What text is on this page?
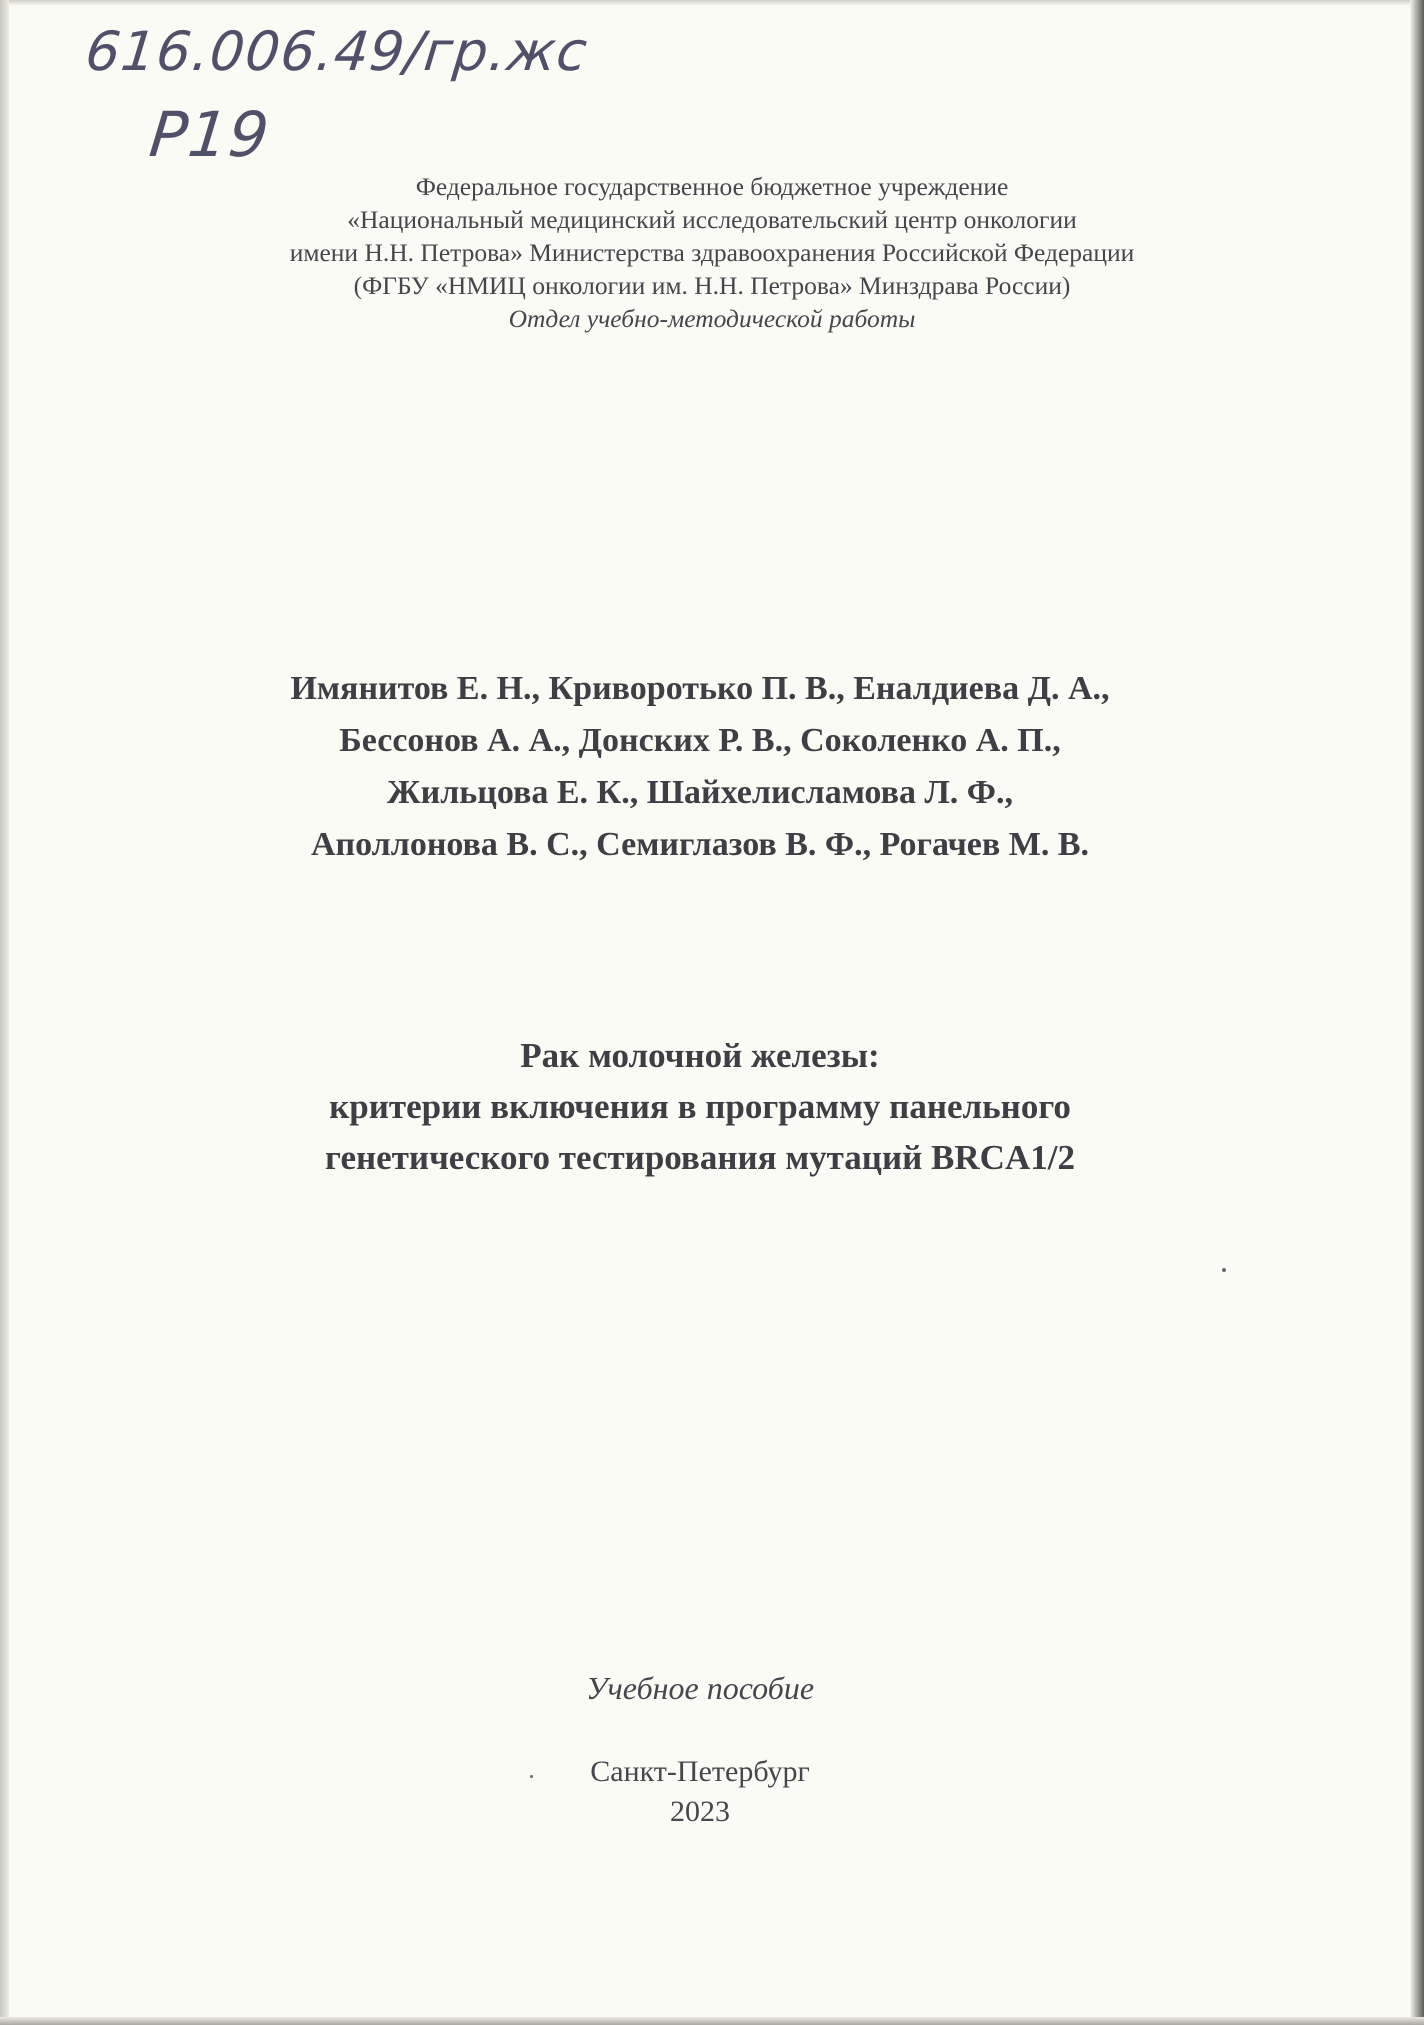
616.006.49/гр.жс
Р19
Федеральное государственное бюджетное учреждение
«Национальный медицинский исследовательский центр онкологии
имени Н.Н. Петрова» Министерства здравоохранения Российской Федерации
(ФГБУ «НМИЦ онкологии им. Н.Н. Петрова» Минздрава России)
Отдел учебно-методической работы
Имянитов Е. Н., Криворотько П. В., Еналдиева Д. А.,
Бессонов А. А., Донских Р. В., Соколенко А. П.,
Жильцова Е. К., Шайхелисламова Л. Ф.,
Аполлонова В. С., Семиглазов В. Ф., Рогачев М. В.
Рак молочной железы:
критерии включения в программу панельного
генетического тестирования мутаций BRCA1/2
Учебное пособие
Санкт-Петербург
2023
